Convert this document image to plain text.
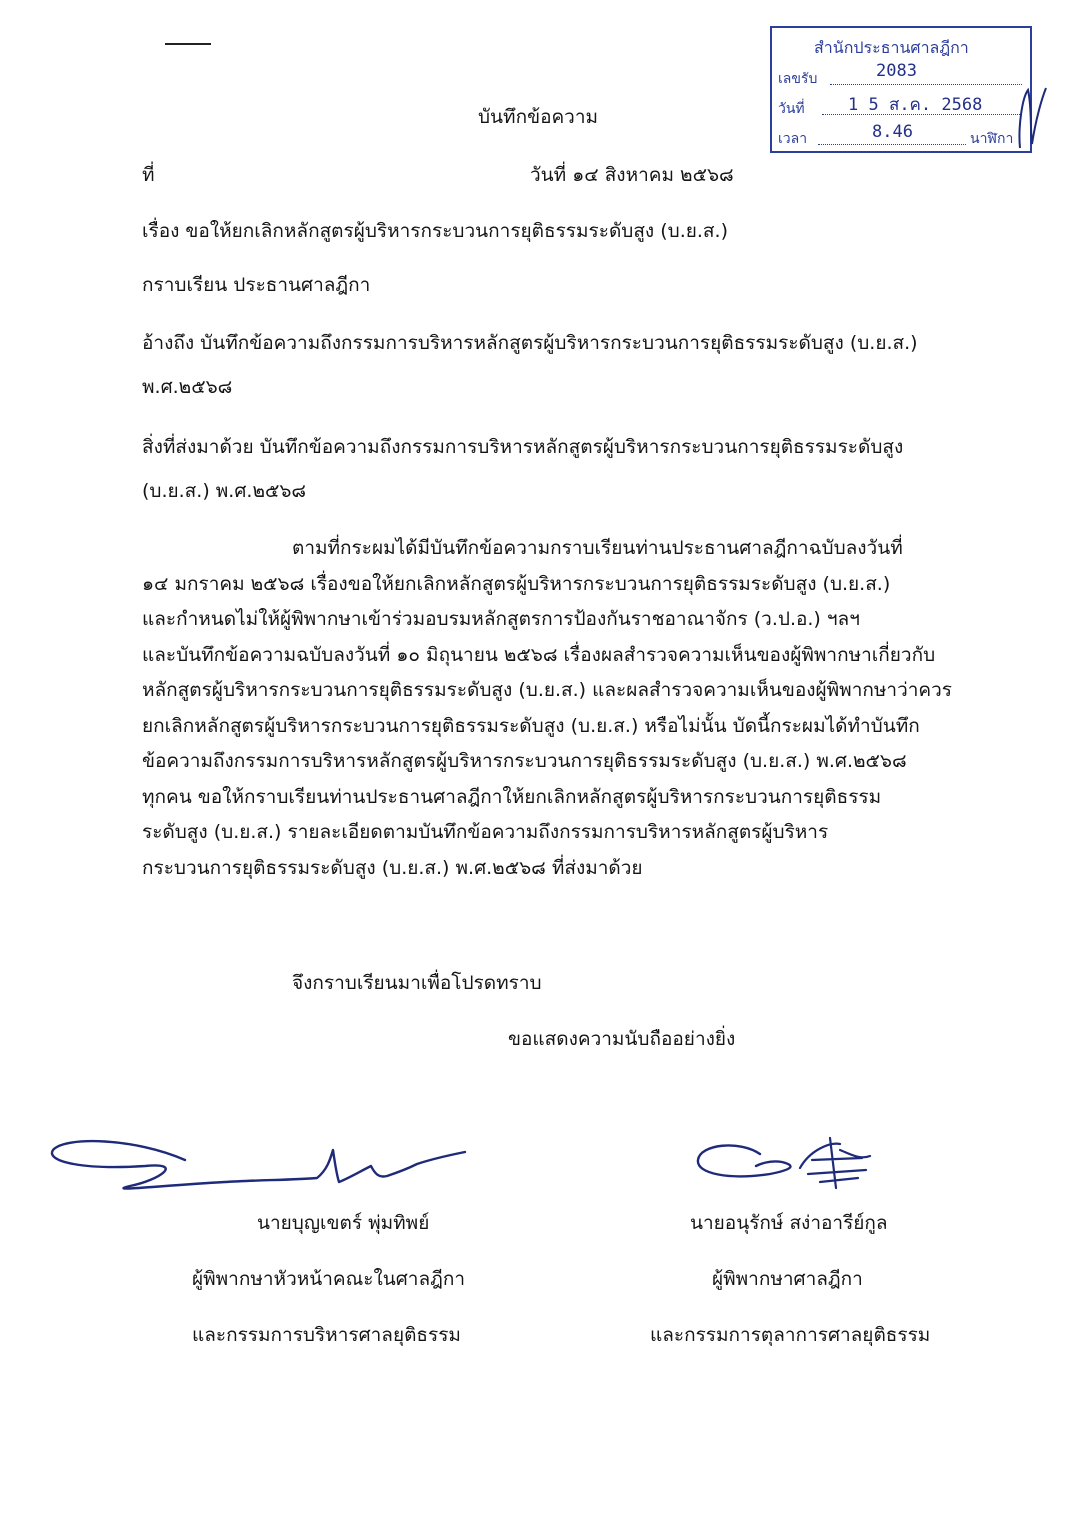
สำนักประธานศาลฎีกา
เลขรับ	2083
วันที่	1 5 ส.ค. 2568
เวลา	8.46	นาฬิกา
บันทึกข้อความ
ที่	วันที่ ๑๔ สิงหาคม ๒๕๖๘
เรื่อง ขอให้ยกเลิกหลักสูตรผู้บริหารกระบวนการยุติธรรมระดับสูง (บ.ย.ส.)
กราบเรียน ประธานศาลฎีกา
อ้างถึง บันทึกข้อความถึงกรรมการบริหารหลักสูตรผู้บริหารกระบวนการยุติธรรมระดับสูง (บ.ย.ส.)
พ.ศ.๒๕๖๘
สิ่งที่ส่งมาด้วย บันทึกข้อความถึงกรรมการบริหารหลักสูตรผู้บริหารกระบวนการยุติธรรมระดับสูง
(บ.ย.ส.) พ.ศ.๒๕๖๘
ตามที่กระผมได้มีบันทึกข้อความกราบเรียนท่านประธานศาลฎีกาฉบับลงวันที่
๑๔ มกราคม ๒๕๖๘ เรื่องขอให้ยกเลิกหลักสูตรผู้บริหารกระบวนการยุติธรรมระดับสูง (บ.ย.ส.)
และกำหนดไม่ให้ผู้พิพากษาเข้าร่วมอบรมหลักสูตรการป้องกันราชอาณาจักร (ว.ป.อ.) ฯลฯ
และบันทึกข้อความฉบับลงวันที่ ๑๐ มิถุนายน ๒๕๖๘ เรื่องผลสำรวจความเห็นของผู้พิพากษาเกี่ยวกับ
หลักสูตรผู้บริหารกระบวนการยุติธรรมระดับสูง (บ.ย.ส.) และผลสำรวจความเห็นของผู้พิพากษาว่าควร
ยกเลิกหลักสูตรผู้บริหารกระบวนการยุติธรรมระดับสูง (บ.ย.ส.) หรือไม่นั้น บัดนี้กระผมได้ทำบันทึก
ข้อความถึงกรรมการบริหารหลักสูตรผู้บริหารกระบวนการยุติธรรมระดับสูง (บ.ย.ส.) พ.ศ.๒๕๖๘
ทุกคน ขอให้กราบเรียนท่านประธานศาลฎีกาให้ยกเลิกหลักสูตรผู้บริหารกระบวนการยุติธรรม
ระดับสูง (บ.ย.ส.) รายละเอียดตามบันทึกข้อความถึงกรรมการบริหารหลักสูตรผู้บริหาร
กระบวนการยุติธรรมระดับสูง (บ.ย.ส.) พ.ศ.๒๕๖๘ ที่ส่งมาด้วย
จึงกราบเรียนมาเพื่อโปรดทราบ
ขอแสดงความนับถืออย่างยิ่ง
นายบุญเขตร์ พุ่มทิพย์
ผู้พิพากษาหัวหน้าคณะในศาลฎีกา
และกรรมการบริหารศาลยุติธรรม
นายอนุรักษ์ สง่าอารีย์กูล
ผู้พิพากษาศาลฎีกา
และกรรมการตุลาการศาลยุติธรรม
